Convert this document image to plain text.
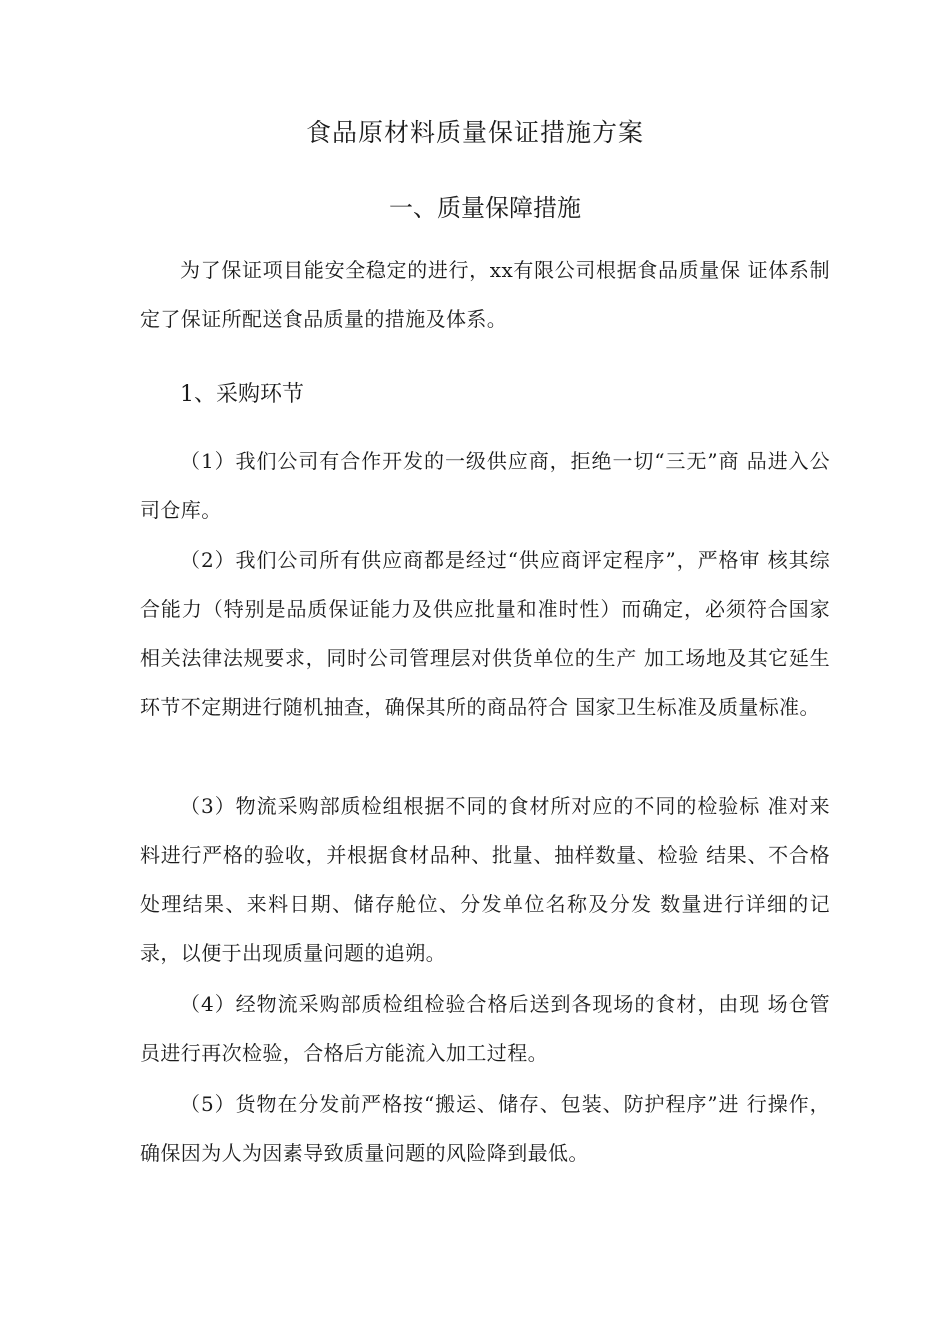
食品原材料质量保证措施方案
一、质量保障措施

为了保证项目能安全稳定的进行，xx有限公司根据食品质量保 证体系制定了保证所配送食品质量的措施及体系。

1、采购环节

（1）我们公司有合作开发的一级供应商，拒绝一切“三无”商 品进入公司仓库。

（2）我们公司所有供应商都是经过“供应商评定程序”，严格审 核其综合能力（特别是品质保证能力及供应批量和准时性）而确定，必须符合国家相关法律法规要求，同时公司管理层对供货单位的生产 加工场地及其它延生环节不定期进行随机抽查，确保其所的商品符合 国家卫生标准及质量标准。

（3）物流采购部质检组根据不同的食材所对应的不同的检验标 准对来料进行严格的验收，并根据食材品种、批量、抽样数量、检验 结果、不合格处理结果、来料日期、储存舱位、分发单位名称及分发 数量进行详细的记录，以便于出现质量问题的追朔。

（4）经物流采购部质检组检验合格后送到各现场的食材，由现 场仓管员进行再次检验，合格后方能流入加工过程。

（5）货物在分发前严格按“搬运、储存、包装、防护程序”进 行操作，确保因为人为因素导致质量问题的风险降到最低。
